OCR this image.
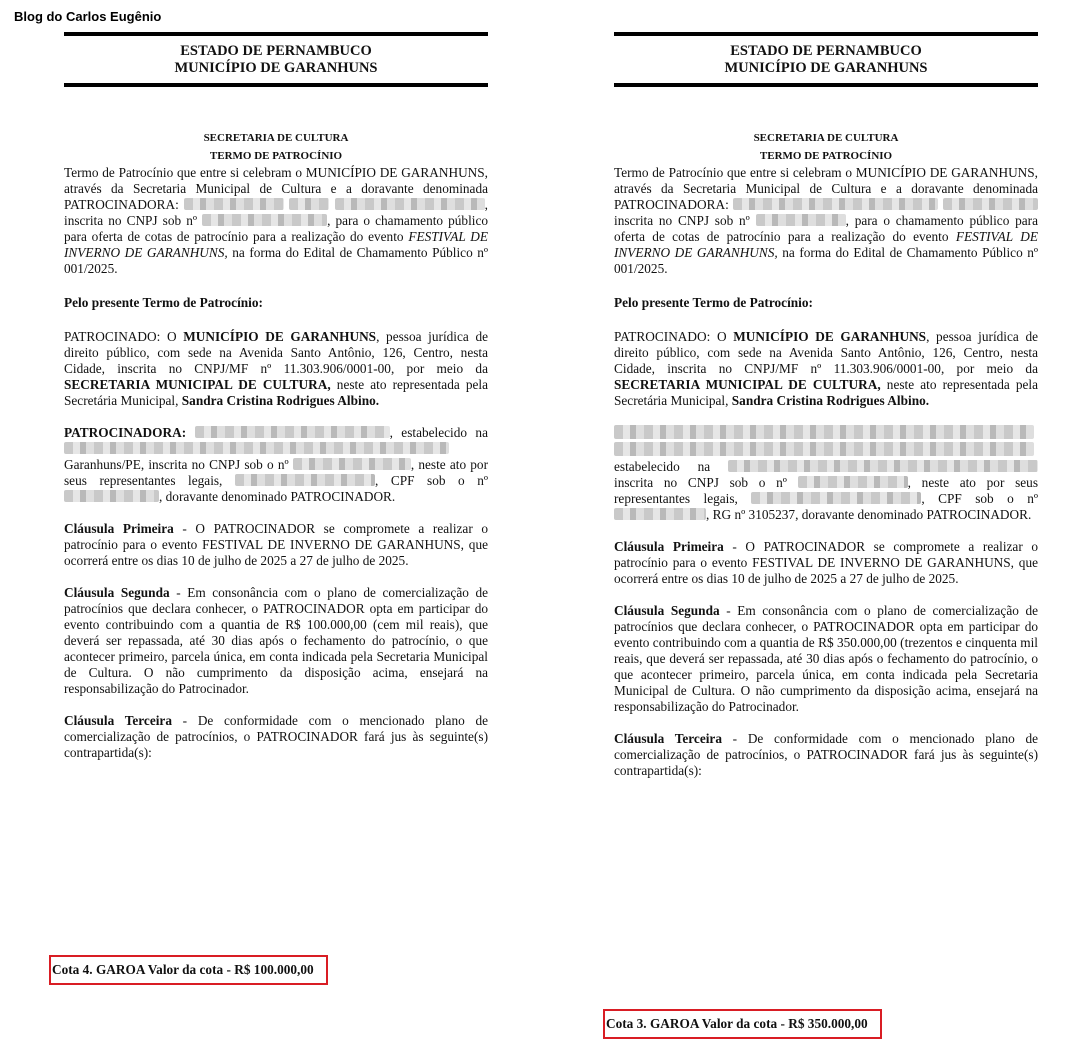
Blog do Carlos Eugênio
ESTADO DE PERNAMBUCO
MUNICÍPIO DE GARANHUNS
SECRETARIA DE CULTURA
TERMO DE PATROCÍNIO

Termo de Patrocínio que entre si celebram o MUNICÍPIO DE GARANHUNS, através da Secretaria Municipal de Cultura e a doravante denominada PATROCINADORA:	, inscrita no CNPJ sob nº	, para o chamamento público para oferta de cotas de patrocínio para a realização do evento FESTIVAL DE INVERNO DE GARANHUNS, na forma do Edital de Chamamento Público nº 001/2025.

Pelo presente Termo de Patrocínio:

PATROCINADO: O MUNICÍPIO DE GARANHUNS, pessoa jurídica de direito público, com sede na Avenida Santo Antônio, 126, Centro, nesta Cidade, inscrita no CNPJ/MF nº 11.303.906/0001-00, por meio da SECRETARIA MUNICIPAL DE CULTURA, neste ato representada pela Secretária Municipal, Sandra Cristina Rodrigues Albino.

PATROCINADORA:	, estabelecido na  Garanhuns/PE, inscrita no CNPJ sob o nº	, neste ato por seus representantes legais,	, CPF sob o nº , doravante denominado PATROCINADOR.

Cláusula Primeira - O PATROCINADOR se compromete a realizar o patrocínio para o evento FESTIVAL DE INVERNO DE GARANHUNS, que ocorrerá entre os dias 10 de julho de 2025 a 27 de julho de 2025.

Cláusula Segunda - Em consonância com o plano de comercialização de patrocínios que declara conhecer, o PATROCINADOR opta em participar do evento contribuindo com a quantia de R$ 100.000,00 (cem mil reais), que deverá ser repassada, até 30 dias após o fechamento do patrocínio, o que acontecer primeiro, parcela única, em conta indicada pela Secretaria Municipal de Cultura. O não cumprimento da disposição acima, ensejará na responsabilização do Patrocinador.

Cláusula Terceira - De conformidade com o mencionado plano de comercialização de patrocínios, o PATROCINADOR fará jus às seguinte(s) contrapartida(s):

Cota 4. GAROA Valor da cota - R$ 100.000,00
ESTADO DE PERNAMBUCO
MUNICÍPIO DE GARANHUNS
SECRETARIA DE CULTURA
TERMO DE PATROCÍNIO

Termo de Patrocínio que entre si celebram o MUNICÍPIO DE GARANHUNS, através da Secretaria Municipal de Cultura e a doravante denominada PATROCINADORA:   inscrita no CNPJ sob nº	, para o chamamento público para oferta de cotas de patrocínio para a realização do evento FESTIVAL DE INVERNO DE GARANHUNS, na forma do Edital de Chamamento Público nº 001/2025.

Pelo presente Termo de Patrocínio:

PATROCINADO: O MUNICÍPIO DE GARANHUNS, pessoa jurídica de direito público, com sede na Avenida Santo Antônio, 126, Centro, nesta Cidade, inscrita no CNPJ/MF nº 11.303.906/0001-00, por meio da SECRETARIA MUNICIPAL DE CULTURA, neste ato representada pela Secretária Municipal, Sandra Cristina Rodrigues Albino.

estabelecido na  inscrita no CNPJ sob o nº	, neste ato por seus representantes legais,	, CPF sob o nº , RG nº 3105237, doravante denominado PATROCINADOR.

Cláusula Primeira - O PATROCINADOR se compromete a realizar o patrocínio para o evento FESTIVAL DE INVERNO DE GARANHUNS, que ocorrerá entre os dias 10 de julho de 2025 a 27 de julho de 2025.

Cláusula Segunda - Em consonância com o plano de comercialização de patrocínios que declara conhecer, o PATROCINADOR opta em participar do evento contribuindo com a quantia de R$ 350.000,00 (trezentos e cinquenta mil reais, que deverá ser repassada, até 30 dias após o fechamento do patrocínio, o que acontecer primeiro, parcela única, em conta indicada pela Secretaria Municipal de Cultura. O não cumprimento da disposição acima, ensejará na responsabilização do Patrocinador.

Cláusula Terceira - De conformidade com o mencionado plano de comercialização de patrocínios, o PATROCINADOR fará jus às seguinte(s) contrapartida(s):

Cota 3. GAROA Valor da cota - R$ 350.000,00
